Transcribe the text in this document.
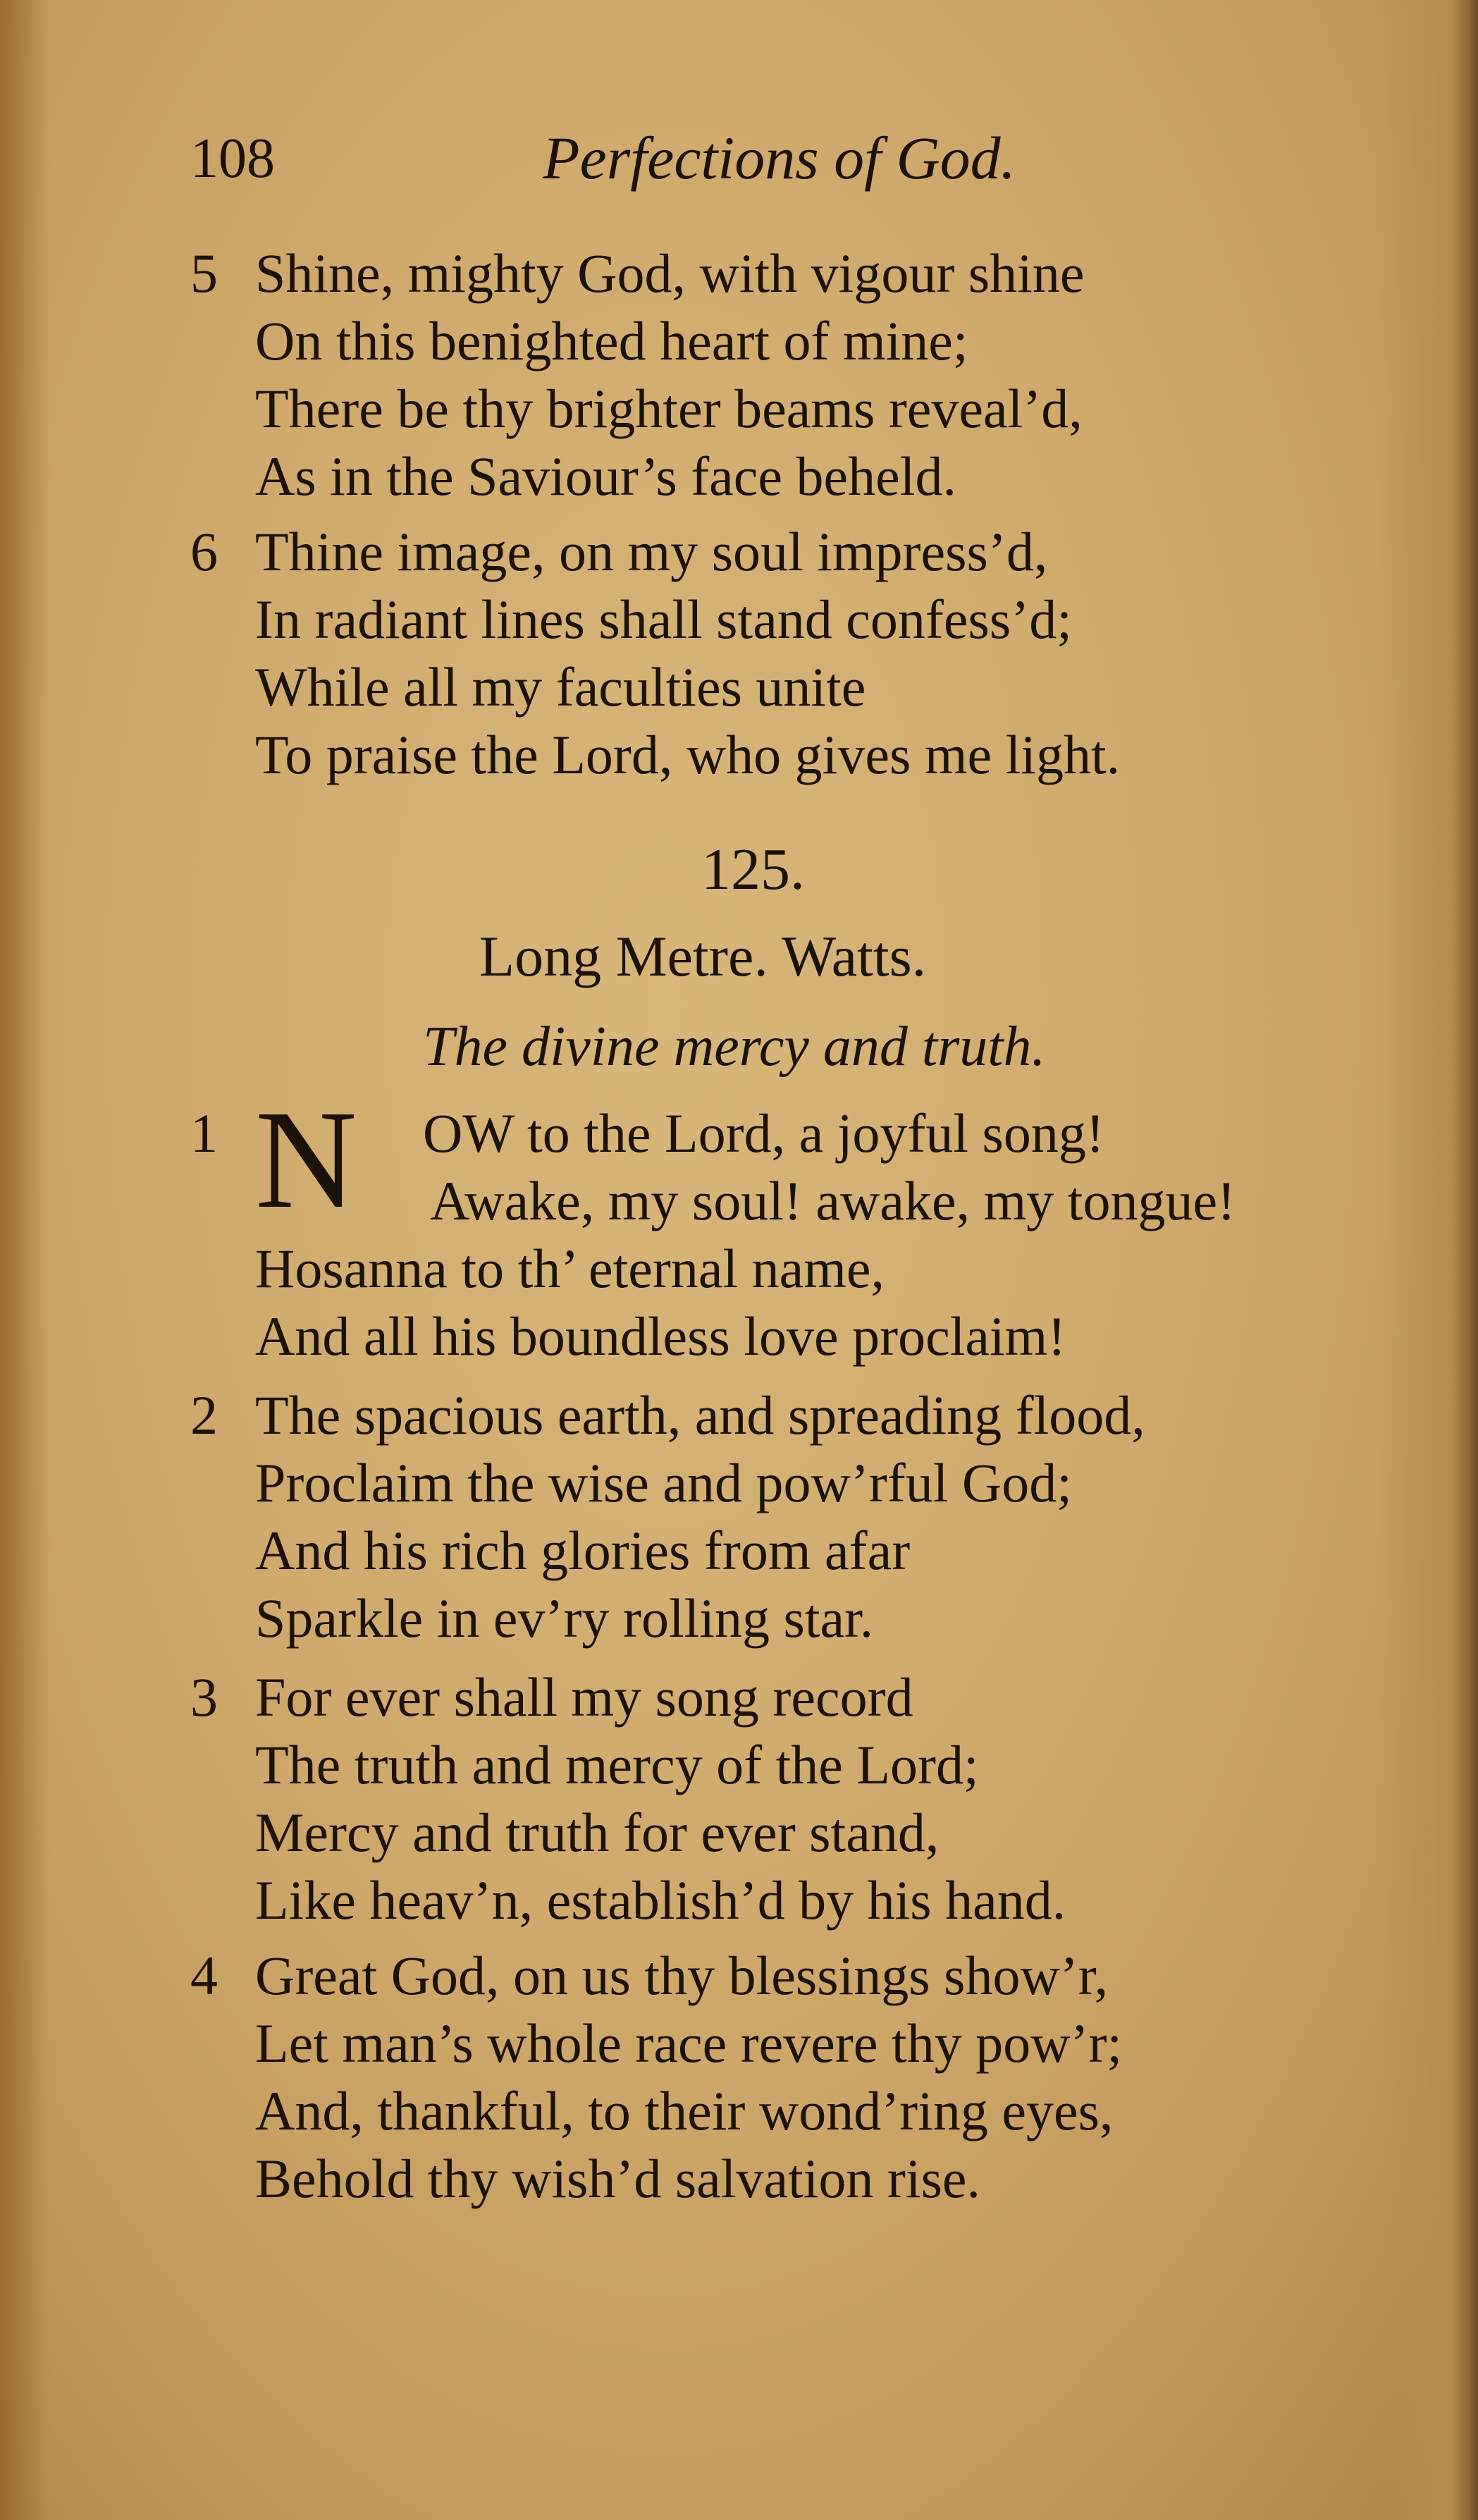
108	Perfections of God.
5 Shine, mighty God, with vigour shine
On this benighted heart of mine;
There be thy brighter beams reveal’d,
As in the Saviour’s face beheld.
6 Thine image, on my soul impress’d,
In radiant lines shall stand confess’d;
While all my faculties unite
To praise the Lord, who gives me light.
125.
Long Metre. Watts.
The divine mercy and truth.
1 N OW to the Lord, a joyful song!
Awake, my soul! awake, my tongue!
Hosanna to th’ eternal name,
And all his boundless love proclaim!
2 The spacious earth, and spreading flood,
Proclaim the wise and pow’rful God;
And his rich glories from afar
Sparkle in ev’ry rolling star.
3 For ever shall my song record
The truth and mercy of the Lord;
Mercy and truth for ever stand,
Like heav’n, establish’d by his hand.
4 Great God, on us thy blessings show’r,
Let man’s whole race revere thy pow’r;
And, thankful, to their wond’ring eyes,
Behold thy wish’d salvation rise.
